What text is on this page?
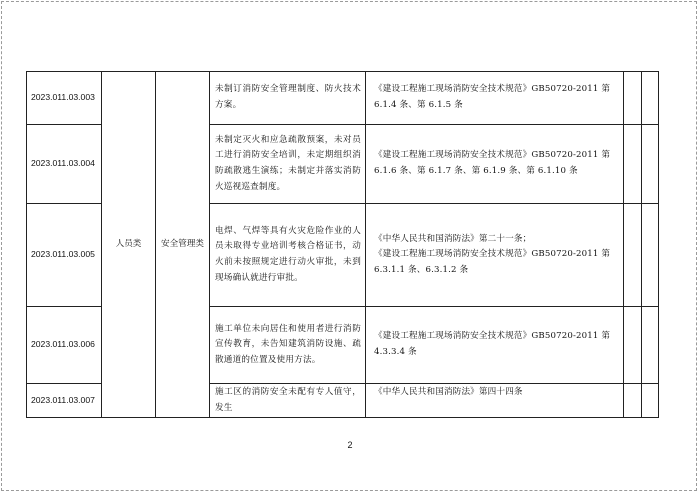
2023.011.03.003	人员类	安全管理类	未制订消防安全管理制度、防火技术方案。	《建设工程施工现场消防安全技术规范》GB50720-2011 第 6.1.4 条、第 6.1.5 条		

2023.011.03.004			未制定灭火和应急疏散预案，未对员工进行消防安全培训，未定期组织消防疏散逃生演练；未制定并落实消防火巡视巡查制度。	《建设工程施工现场消防安全技术规范》GB50720-2011 第 6.1.6 条、第 6.1.7 条、第 6.1.9 条、第 6.1.10 条		

2023.011.03.005			电焊、气焊等具有火灾危险作业的人员未取得专业培训考核合格证书，动火前未按照规定进行动火审批，未到现场确认就进行审批。	《中华人民共和国消防法》第二十一条；
《建设工程施工现场消防安全技术规范》GB50720-2011 第 6.3.1.1 条、6.3.1.2 条		

2023.011.03.006			施工单位未向居住和使用者进行消防宣传教育，未告知建筑消防设施、疏散通道的位置及使用方法。	《建设工程施工现场消防安全技术规范》GB50720-2011 第 4.3.3.4 条		

2023.011.03.007			施工区的消防安全未配有专人值守，发生	《中华人民共和国消防法》第四十四条		

2
